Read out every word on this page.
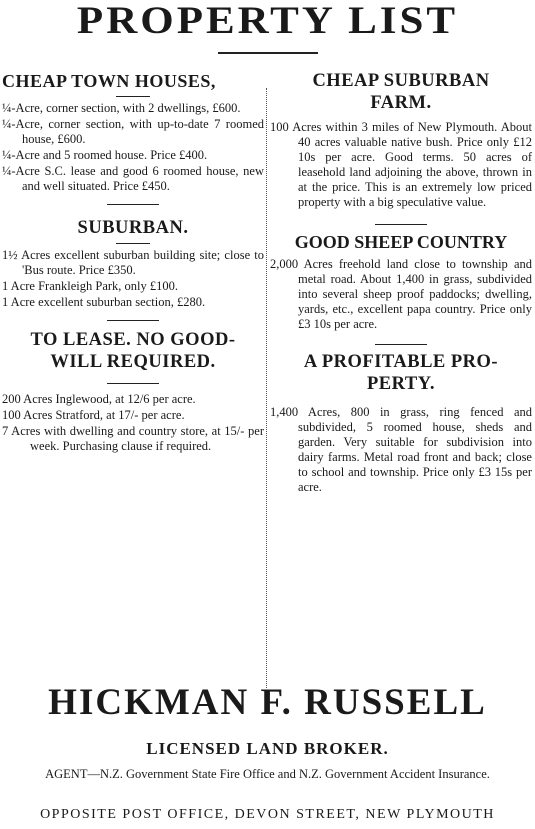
PROPERTY LIST
CHEAP TOWN HOUSES,

¼-Acre, corner section, with 2 dwellings, £600.

¼-Acre, corner section, with up-to-date 7 roomed house, £600.

¼-Acre and 5 roomed house. Price £400.

¼-Acre S.C. lease and good 6 roomed house, new and well situated. Price £450.

SUBURBAN.

1½ Acres excellent suburban building site; close to 'Bus route. Price £350.

1 Acre Frankleigh Park, only £100.

1 Acre excellent suburban section, £280.

TO LEASE. NO GOOD-
WILL REQUIRED.

200 Acres Inglewood, at 12/6 per acre.

100 Acres Stratford, at 17/- per acre.

7 Acres with dwelling and country store, at 15/- per week. Purchasing clause if required.

CHEAP SUBURBAN
FARM.

100 Acres within 3 miles of New Plymouth. About 40 acres valuable native bush. Price only £12 10s per acre. Good terms. 50 acres of leasehold land adjoining the above, thrown in at the price. This is an extremely low priced property with a big speculative value.

GOOD SHEEP COUNTRY

2,000 Acres freehold land close to township and metal road. About 1,400 in grass, subdivided into several sheep proof paddocks; dwelling, yards, etc., excellent papa country. Price only £3 10s per acre.

A PROFITABLE PRO-
PERTY.

1,400 Acres, 800 in grass, ring fenced and subdivided, 5 roomed house, sheds and garden. Very suitable for subdivision into dairy farms. Metal road front and back; close to school and township. Price only £3 15s per acre.

HICKMAN F. RUSSELL
LICENSED LAND BROKER.
AGENT—N.Z. Government State Fire Office and N.Z. Government Accident Insurance.
OPPOSITE POST OFFICE, DEVON STREET, NEW PLYMOUTH
